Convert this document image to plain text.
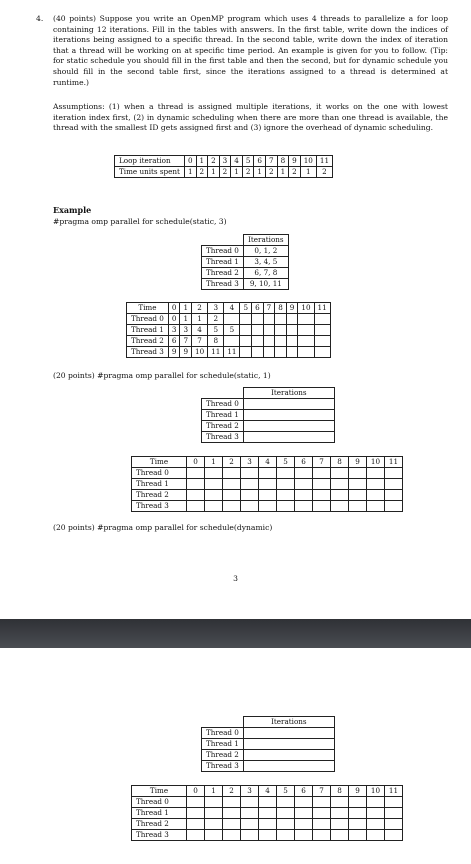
4. (40 points) Suppose you write an OpenMP program which uses 4 threads to parallelize a for loop containing 12 iterations. Fill in the tables with answers. In the first table, write down the indices of iterations being assigned to a specific thread. In the second table, write down the index of iteration that a thread will be working on at specific time period. An example is given for you to follow. (Tip: for static schedule you should fill in the first table and then the second, but for dynamic schedule you should fill in the second table first, since the iterations assigned to a thread is determined at runtime.)

Assumptions: (1) when a thread is assigned multiple iterations, it works on the one with lowest iteration index first, (2) in dynamic scheduling when there are more than one thread is available, the thread with the smallest ID gets assigned first and (3) ignore the overhead of dynamic scheduling.

Loop iteration	0	1	2	3	4	5	6	7	8	9	10	11
Time units spent	1	2	1	2	1	2	1	2	1	2	1	2

Example

#pragma omp parallel for schedule(static, 3)

	Iterations
Thread 0	0, 1, 2
Thread 1	3, 4, 5
Thread 2	6, 7, 8
Thread 3	9, 10, 11
Time	0	1	2	3	4	5	6	7	8	9	10	11
Thread 0	0	1	1	2								
Thread 1	3	3	4	5	5							
Thread 2	6	7	7	8								
Thread 3	9	9	10	11	11							

(20 points) #pragma omp parallel for schedule(static, 1)

	Iterations
Thread 0	
Thread 1	
Thread 2	
Thread 3	
Time	0	1	2	3	4	5	6	7	8	9	10	11
Thread 0												
Thread 1												
Thread 2												
Thread 3												

(20 points) #pragma omp parallel for schedule(dynamic)

3
	Iterations
Thread 0	
Thread 1	
Thread 2	
Thread 3	
Time	0	1	2	3	4	5	6	7	8	9	10	11
Thread 0												
Thread 1												
Thread 2												
Thread 3												
